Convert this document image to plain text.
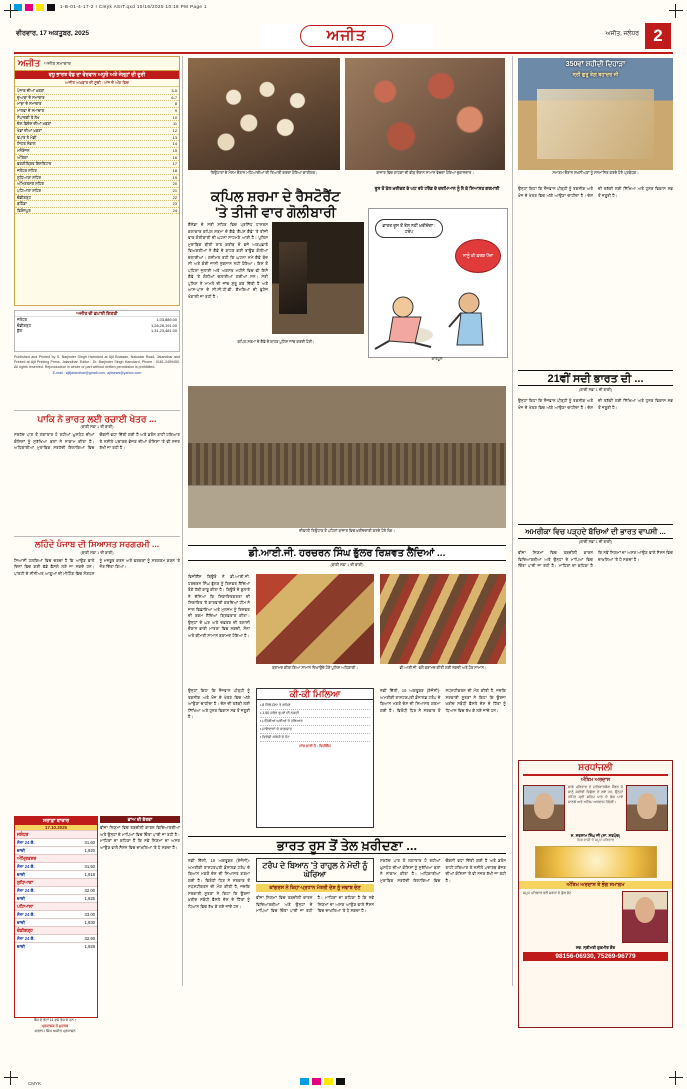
1-B-01-4-17-2 I Cmyk ASIT.qxd 10/16/2025 10:18 PM Page 1
CMYK
ਵੀਰਵਾਰ, 17 ਅਕਤੂਬਰ, 2025	ਅਜੀਤ	ਅਜੀਤ, ਜਲੰਧਰ 2
ਅਜੀਤ ਅਜੀਤ ਸਮਾਚਾਰ
ਵਧੂ ਭਾਰਤ ਵੰਡ ਦਾ ਵੇਰਵਾਨ ਅਧੂਰੇ ਅਤੇ ਜੇਲ੍ਹਾਂ ਦੀ ਦੂਰੀ
ਅਜੀਤ ਅਖ਼ਬਾਰ ਦੀ ਸੂਚੀ : ਅੱਜ ਦੇ ਅੰਕ ਵਿਚ
ਪੰਜਾਬ ਦੀਆਂ ਖ਼ਬਰਾਂ	3-5
ਦੁਆਬਾ ਦੇ ਸਮਾਚਾਰ	6-7
ਮਾਝਾ ਦੇ ਸਮਾਚਾਰ	8
ਮਾਲਵਾ ਦੇ ਸਮਾਚਾਰ	9
ਸੰਪਾਦਕੀ ਤੇ ਲੇਖ	10
ਦੇਸ਼-ਵਿਦੇਸ਼ ਦੀਆਂ ਖ਼ਬਰਾਂ	11
ਖੇਡਾਂ ਦੀਆਂ ਖ਼ਬਰਾਂ	12
ਵਪਾਰ ਤੇ ਮੰਡੀ	13
ਸਿਹਤ ਸੰਭਾਲ	14
ਮਨੋਰੰਜਨ	15
ਅੰਤਿਕਾ	16
ਵਰਗੀਕ੍ਰਿਤ ਇਸ਼ਤਿਹਾਰ	17
ਜਲੰਧਰ ਸ਼ਹਿਰ	18
ਲੁਧਿਆਣਾ ਸ਼ਹਿਰ	19
ਅੰਮ੍ਰਿਤਸਰ ਸ਼ਹਿਰ	20
ਪਟਿਆਲਾ ਸ਼ਹਿਰ	21
ਚੰਡੀਗੜ੍ਹ	22
ਬਠਿੰਡਾ	23
ਫ਼ਿਰੋਜ਼ਪੁਰ	24
ਅਜੀਤ ਦੀ ਛਪਾਈ ਗਿਣਤੀ
ਜਲੰਧਰ	1,03,889.00
ਚੰਡੀਗੜ੍ਹ	1,26,26,191.00
ਕੁੱਲ	1,31,23,481.00
Published and Printed by S. Barjinder Singh Hamdard at Ajit Bhawan, Nakodar Road, Jalandhar and Printed at Ajit Printing Press, Jalandhar. Editor : Dr. Barjinder Singh Hamdard, Phone : 0181-2459450. All rights reserved. Reproduction in whole or part without written permission is prohibited.
E-mail : ajitjalandhar@gmail.com, ajitnews@yahoo.com
ਪਾਕਿ ਨੇ ਭਾਰਤ ਲਈ ਰਚਾਈ ਖੇਤਰ ...
(ਬਾਕੀ ਸਫ਼ਾ 1 ਦੀ ਬਾਕੀ)
ਸਰਹੱਦ ਪਾਰ ਤੋਂ ਲਗਾਤਾਰ ਹੋ ਰਹੀਆਂ ਘੁਸਪੈਠ ਦੀਆਂ ਕੋਸ਼ਿਸ਼ਾਂ ਨੂੰ ਸੁਰੱਖਿਆ ਬਲਾਂ ਨੇ ਨਾਕਾਮ ਕੀਤਾ ਹੈ। ਅਧਿਕਾਰੀਆਂ ਮੁਤਾਬਿਕ ਸਰਹੱਦੀ ਇਲਾਕਿਆਂ ਵਿਚ ਚੌਕਸੀ ਵਧਾ ਦਿੱਤੀ ਗਈ ਹੈ ਅਤੇ ਡਰੋਨ ਰਾਹੀਂ ਹਥਿਆਰ ਤੇ ਨਸ਼ੀਲੇ ਪਦਾਰਥ ਭੇਜਣ ਦੀਆਂ ਕੋਸ਼ਿਸ਼ਾਂ 'ਤੇ ਵੀ ਨਜ਼ਰ ਰੱਖੀ ਜਾ ਰਹੀ ਹੈ।
ਲਹਿੰਦੇ ਪੰਜਾਬ ਦੀ ਸਿਆਸਤ ਸਰਗਰਮੀ ...
(ਬਾਕੀ ਸਫ਼ਾ 1 ਦੀ ਬਾਕੀ)
ਸਿਆਸੀ ਹਲਕਿਆਂ ਵਿਚ ਚਰਚਾ ਹੈ ਕਿ ਆਉਣ ਵਾਲੇ ਦਿਨਾਂ ਵਿਚ ਕਈ ਵੱਡੇ ਫ਼ੈਸਲੇ ਲਏ ਜਾ ਸਕਦੇ ਹਨ। ਪਾਰਟੀ ਦੇ ਸੀਨੀਅਰ ਆਗੂਆਂ ਦੀ ਮੀਟਿੰਗ ਵਿਚ ਸੰਗਠਨ ਨੂੰ ਮਜ਼ਬੂਤ ਕਰਨ ਅਤੇ ਵਰਕਰਾਂ ਨੂੰ ਸਰਗਰਮ ਕਰਨ 'ਤੇ ਜ਼ੋਰ ਦਿੱਤਾ ਗਿਆ।
ਸਰਾਫ਼ਾ ਬਾਜ਼ਾਰ
17.10.2025
ਜਲੰਧਰ
ਸੋਨਾ 24 ਕੈ.	31.60
ਚਾਂਦੀ	1,920
ਅੰਮ੍ਰਿਤਸਰ
ਸੋਨਾ 24 ਕੈ.	31.50
ਚਾਂਦੀ	1,918
ਲੁਧਿਆਣਾ
ਸੋਨਾ 24 ਕੈ.	32.00
ਚਾਂਦੀ	1,925
ਪਟਿਆਲਾ
ਸੋਨਾ 24 ਕੈ.	33.00
ਚਾਂਦੀ	1,930
ਚੰਡੀਗੜ੍ਹ
ਸੋਨਾ 24 ਕੈ.	32.50
ਚਾਂਦੀ	1,928
ਕੈਸ ਦੇ ਰੇਟਾਂ 11 ਵਜੇ ਤੱਕ ਦੇ ਹਨ।
ਪ੍ਰਕਾਸ਼ਕ ਤੇ ਮੁਦਰਕ
ਸਤਨਾਮ ਸਿੰਘ ਅਜੀਤ ਪ੍ਰਕਾਸ਼ਨ
ਭਾਅ ਦੀ ਵੇਰਵਾ
ਵੀਜ਼ਾ ਨਿਯਮਾਂ ਵਿਚ ਤਬਦੀਲੀ ਕਾਰਨ ਵਿਦਿਆਰਥੀਆਂ ਅਤੇ ਉਨ੍ਹਾਂ ਦੇ ਮਾਪਿਆਂ ਵਿਚ ਚਿੰਤਾ ਪਾਈ ਜਾ ਰਹੀ ਹੈ। ਮਾਹਿਰਾਂ ਦਾ ਕਹਿਣਾ ਹੈ ਕਿ ਨਵੇਂ ਨਿਯਮਾਂ ਦਾ ਅਸਰ ਆਉਣ ਵਾਲੇ ਸੈਸ਼ਨ ਵਿਚ ਦਾਖ਼ਲਿਆਂ 'ਤੇ ਪੈ ਸਕਦਾ ਹੈ।
ਤਿਉਹਾਰਾਂ ਦੇ ਮੌਸਮ ਦੌਰਾਨ ਮਠਿਆਈਆਂ ਦੀ ਤਿਆਰੀ ਕਰਦਾ ਹੋਇਆ ਕਾਰੀਗਰ।	ਬਾਜ਼ਾਰ ਵਿਚ ਗਾਹਕਾਂ ਦੀ ਭੀੜ ਦੌਰਾਨ ਸਾਮਾਨ ਵੇਚਦਾ ਹੋਇਆ ਦੁਕਾਨਦਾਰ।
ਕਪਿਲ ਸ਼ਰਮਾ ਦੇ ਰੈਸਟੋਰੈਂਟ
'ਤੇ ਤੀਜੀ ਵਾਰ ਗੋਲੀਬਾਰੀ
ਕੈਨੇਡਾ ਦੇ ਸਰੀ ਸ਼ਹਿਰ ਵਿਚ ਪ੍ਰਸਿੱਧ ਹਾਸਰਸ ਕਲਾਕਾਰ ਕਪਿਲ ਸ਼ਰਮਾ ਦੇ ਕੈਫ਼ੇ 'ਕੈਪਸ ਕੈਫ਼ੇ' 'ਤੇ ਤੀਜੀ ਵਾਰ ਗੋਲੀਬਾਰੀ ਦੀ ਘਟਨਾ ਸਾਹਮਣੇ ਆਈ ਹੈ। ਪੁਲਿਸ ਮੁਤਾਬਿਕ ਬੀਤੀ ਰਾਤ ਕਰੀਬ ਦੋ ਵਜੇ ਅਣਪਛਾਤੇ ਵਿਅਕਤੀਆਂ ਨੇ ਕੈਫ਼ੇ ਦੇ ਬਾਹਰ ਕਈ ਰਾਊਂਡ ਗੋਲੀਆਂ ਚਲਾਈਆਂ। ਗਨੀਮਤ ਰਹੀ ਕਿ ਘਟਨਾ ਸਮੇਂ ਕੈਫ਼ੇ ਬੰਦ ਸੀ ਅਤੇ ਕੋਈ ਜਾਨੀ ਨੁਕਸਾਨ ਨਹੀਂ ਹੋਇਆ। ਇਸ ਤੋਂ ਪਹਿਲਾਂ ਜੁਲਾਈ ਅਤੇ ਅਗਸਤ ਮਹੀਨੇ ਵਿਚ ਵੀ ਇਸੇ ਕੈਫ਼ੇ 'ਤੇ ਗੋਲੀਆਂ ਚਲਾਈਆਂ ਗਈਆਂ ਸਨ। ਸਰੀ ਪੁਲਿਸ ਨੇ ਮਾਮਲੇ ਦੀ ਜਾਂਚ ਸ਼ੁਰੂ ਕਰ ਦਿੱਤੀ ਹੈ ਅਤੇ ਆਸ-ਪਾਸ ਦੇ ਸੀ.ਸੀ.ਟੀ.ਵੀ. ਕੈਮਰਿਆਂ ਦੀ ਫ਼ੁਟੇਜ ਖੰਗਾਲੀ ਜਾ ਰਹੀ ਹੈ।
ਕਪਿਲ ਸ਼ਰਮਾ ਦੇ ਕੈਫ਼ੇ ਦੇ ਬਾਹਰ ਪੁਲਿਸ ਜਾਂਚ ਕਰਦੀ ਹੋਈ।
ਰੂਸ ਤੋਂ ਤੇਲ ਖ਼ਰੀਦਣ ਦੇ ਘਟ ਰਹੇ ਟਰੈਂਡ ਦੇ ਦਰਮਿਆਨ ਨੂੰ ਲੈ ਕੇ ਸਿਆਸਤ ਗਰਮਾਈ
ਭਾਰਤ ਰੂਸ ਤੋਂ ਤੇਲ ਨਹੀਂ ਖ਼ਰੀਦੇਗਾ : ਟਰੰਪ
ਸਾਨੂੰ ਕੀ ਫ਼ਰਕ ਪੈਂਦਾ
ਕਾਰਟੂਨ
ਦੀਵਾਲੀ ਤਿਉਹਾਰ ਤੋਂ ਪਹਿਲਾਂ ਬਾਜ਼ਾਰ ਵਿਚ ਖ਼ਰੀਦਦਾਰੀ ਕਰਦੇ ਹੋਏ ਲੋਕ।
ਡੀ.ਆਈ.ਜੀ. ਹਰਚਰਨ ਸਿੰਘ ਭੁੱਲਰ ਰਿਸ਼ਵਤ ਲੈਂਦਿਆਂ ...
(ਬਾਕੀ ਸਫ਼ਾ 1 ਦੀ ਬਾਕੀ)
ਵਿਜੀਲੈਂਸ ਬਿਊਰੋ ਨੇ ਡੀ.ਆਈ.ਜੀ. ਹਰਚਰਨ ਸਿੰਘ ਭੁੱਲਰ ਨੂੰ ਰਿਸ਼ਵਤ ਲੈਂਦਿਆਂ ਰੰਗੇ ਹੱਥੀਂ ਕਾਬੂ ਕੀਤਾ ਹੈ। ਬਿਊਰੋ ਦੇ ਬੁਲਾਰੇ ਨੇ ਦੱਸਿਆ ਕਿ ਸ਼ਿਕਾਇਤਕਰਤਾ ਦੀ ਸ਼ਿਕਾਇਤ 'ਤੇ ਕਾਰਵਾਈ ਕਰਦਿਆਂ ਟੀਮ ਨੇ ਜਾਲ ਵਿਛਾਇਆ ਅਤੇ ਮੁਲਜ਼ਮ ਨੂੰ ਰਿਸ਼ਵਤ ਦੀ ਰਕਮ ਲੈਂਦਿਆਂ ਗ੍ਰਿਫ਼ਤਾਰ ਕੀਤਾ। ਉਨ੍ਹਾਂ ਦੇ ਘਰ ਅਤੇ ਦਫ਼ਤਰ ਦੀ ਤਲਾਸ਼ੀ ਦੌਰਾਨ ਭਾਰੀ ਮਾਤਰਾ ਵਿਚ ਨਕਦੀ, ਸੋਨਾ ਅਤੇ ਕੀਮਤੀ ਸਾਮਾਨ ਬਰਾਮਦ ਹੋਇਆ ਹੈ।
ਬਰਾਮਦ ਕੀਤਾ ਗਿਆ ਸਾਮਾਨ ਦਿਖਾਉਂਦੇ ਹੋਏ ਪੁਲਿਸ ਅਧਿਕਾਰੀ।	ਡੀ.ਆਈ.ਜੀ. ਵਲੋਂ ਬਰਾਮਦ ਕੀਤੀ ਗਈ ਨਕਦੀ ਅਤੇ ਹੋਰ ਸਾਮਾਨ।
ਕੀ-ਕੀ ਮਿਲਿਆ
• 8 ਕਿੱਲੋ ਸੋਨਾ ਤੇ ਗਹਿਣੇ
• 1.50 ਕਰੋੜ ਰੁਪਏ ਦੀ ਨਕਦੀ
• ਮਹਿੰਗੀਆਂ ਘੜੀਆਂ ਤੇ ਹਥਿਆਰ
• ਜਾਇਦਾਦਾਂ ਦੇ ਕਾਗ਼ਜ਼ਾਤ
• ਵਿਦੇਸ਼ੀ ਕਰੰਸੀ ਦੇ ਨੋਟ
ਜਾਂਚ ਜਾਰੀ ਹੈ : ਵਿਜੀਲੈਂਸ
ਉਨ੍ਹਾਂ ਕਿਹਾ ਕਿ ਨੌਜਵਾਨ ਪੀੜ੍ਹੀ ਨੂੰ ਤਕਨੀਕ ਅਤੇ ਖੋਜ ਦੇ ਖੇਤਰ ਵਿਚ ਅੱਗੇ ਆਉਣਾ ਚਾਹੀਦਾ ਹੈ। ਦੇਸ਼ ਦੀ ਤਰੱਕੀ ਲਈ ਸਿੱਖਿਆ ਅਤੇ ਹੁਨਰ ਵਿਕਾਸ ਸਭ ਤੋਂ ਜ਼ਰੂਰੀ ਹੈ।
ਨਵੀਂ ਦਿੱਲੀ, 16 ਅਕਤੂਬਰ (ਏਜੰਸੀ)- ਅਮਰੀਕੀ ਰਾਸ਼ਟਰਪਤੀ ਡੋਨਾਲਡ ਟਰੰਪ ਦੇ ਬਿਆਨ ਮਗਰੋਂ ਦੇਸ਼ ਦੀ ਸਿਆਸਤ ਗਰਮਾ ਗਈ ਹੈ। ਵਿਰੋਧੀ ਧਿਰ ਨੇ ਸਰਕਾਰ ਤੋਂ ਸਪੱਸ਼ਟੀਕਰਨ ਦੀ ਮੰਗ ਕੀਤੀ ਹੈ, ਜਦਕਿ ਸਰਕਾਰੀ ਸੂਤਰਾਂ ਨੇ ਕਿਹਾ ਕਿ ਊਰਜਾ ਖ਼ਰੀਦ ਸਬੰਧੀ ਫ਼ੈਸਲੇ ਦੇਸ਼ ਦੇ ਹਿੱਤਾਂ ਨੂੰ ਧਿਆਨ ਵਿਚ ਰੱਖ ਕੇ ਲਏ ਜਾਂਦੇ ਹਨ।
ਭਾਰਤ ਰੂਸ ਤੋਂ ਤੇਲ ਖ਼ਰੀਦਣਾ ...
ਨਵੀਂ ਦਿੱਲੀ, 16 ਅਕਤੂਬਰ (ਏਜੰਸੀ)- ਅਮਰੀਕੀ ਰਾਸ਼ਟਰਪਤੀ ਡੋਨਾਲਡ ਟਰੰਪ ਦੇ ਬਿਆਨ ਮਗਰੋਂ ਦੇਸ਼ ਦੀ ਸਿਆਸਤ ਗਰਮਾ ਗਈ ਹੈ। ਵਿਰੋਧੀ ਧਿਰ ਨੇ ਸਰਕਾਰ ਤੋਂ ਸਪੱਸ਼ਟੀਕਰਨ ਦੀ ਮੰਗ ਕੀਤੀ ਹੈ, ਜਦਕਿ ਸਰਕਾਰੀ ਸੂਤਰਾਂ ਨੇ ਕਿਹਾ ਕਿ ਊਰਜਾ ਖ਼ਰੀਦ ਸਬੰਧੀ ਫ਼ੈਸਲੇ ਦੇਸ਼ ਦੇ ਹਿੱਤਾਂ ਨੂੰ ਧਿਆਨ ਵਿਚ ਰੱਖ ਕੇ ਲਏ ਜਾਂਦੇ ਹਨ।
ਟਰੰਪ ਦੇ ਬਿਆਨ 'ਤੇ ਰਾਹੁਲ ਨੇ ਮੋਦੀ ਨੂੰ ਘੇਰਿਆ
ਕਾਂਗਰਸ ਨੇ ਕਿਹਾ-ਪ੍ਰਧਾਨ ਮੰਤਰੀ ਦੇਸ਼ ਨੂੰ ਜਵਾਬ ਦੇਣ
ਵੀਜ਼ਾ ਨਿਯਮਾਂ ਵਿਚ ਤਬਦੀਲੀ ਕਾਰਨ ਵਿਦਿਆਰਥੀਆਂ ਅਤੇ ਉਨ੍ਹਾਂ ਦੇ ਮਾਪਿਆਂ ਵਿਚ ਚਿੰਤਾ ਪਾਈ ਜਾ ਰਹੀ ਹੈ। ਮਾਹਿਰਾਂ ਦਾ ਕਹਿਣਾ ਹੈ ਕਿ ਨਵੇਂ ਨਿਯਮਾਂ ਦਾ ਅਸਰ ਆਉਣ ਵਾਲੇ ਸੈਸ਼ਨ ਵਿਚ ਦਾਖ਼ਲਿਆਂ 'ਤੇ ਪੈ ਸਕਦਾ ਹੈ।
ਸਰਹੱਦ ਪਾਰ ਤੋਂ ਲਗਾਤਾਰ ਹੋ ਰਹੀਆਂ ਘੁਸਪੈਠ ਦੀਆਂ ਕੋਸ਼ਿਸ਼ਾਂ ਨੂੰ ਸੁਰੱਖਿਆ ਬਲਾਂ ਨੇ ਨਾਕਾਮ ਕੀਤਾ ਹੈ। ਅਧਿਕਾਰੀਆਂ ਮੁਤਾਬਿਕ ਸਰਹੱਦੀ ਇਲਾਕਿਆਂ ਵਿਚ ਚੌਕਸੀ ਵਧਾ ਦਿੱਤੀ ਗਈ ਹੈ ਅਤੇ ਡਰੋਨ ਰਾਹੀਂ ਹਥਿਆਰ ਤੇ ਨਸ਼ੀਲੇ ਪਦਾਰਥ ਭੇਜਣ ਦੀਆਂ ਕੋਸ਼ਿਸ਼ਾਂ 'ਤੇ ਵੀ ਨਜ਼ਰ ਰੱਖੀ ਜਾ ਰਹੀ ਹੈ।
350ਵਾਂ ਸ਼ਹੀਦੀ ਦਿਹਾੜਾ
ਸ੍ਰੀ ਗੁਰੂ ਤੇਗ਼ ਬਹਾਦਰ ਜੀ
ਸਮਾਗਮ ਦੌਰਾਨ ਸ਼ਖ਼ਸੀਅਤਾਂ ਨੂੰ ਸਨਮਾਨਿਤ ਕਰਦੇ ਹੋਏ ਪ੍ਰਬੰਧਕ।
ਉਨ੍ਹਾਂ ਕਿਹਾ ਕਿ ਨੌਜਵਾਨ ਪੀੜ੍ਹੀ ਨੂੰ ਤਕਨੀਕ ਅਤੇ ਖੋਜ ਦੇ ਖੇਤਰ ਵਿਚ ਅੱਗੇ ਆਉਣਾ ਚਾਹੀਦਾ ਹੈ। ਦੇਸ਼ ਦੀ ਤਰੱਕੀ ਲਈ ਸਿੱਖਿਆ ਅਤੇ ਹੁਨਰ ਵਿਕਾਸ ਸਭ ਤੋਂ ਜ਼ਰੂਰੀ ਹੈ।
21ਵੀਂ ਸਦੀ ਭਾਰਤ ਦੀ ...
(ਬਾਕੀ ਸਫ਼ਾ 1 ਦੀ ਬਾਕੀ)
ਉਨ੍ਹਾਂ ਕਿਹਾ ਕਿ ਨੌਜਵਾਨ ਪੀੜ੍ਹੀ ਨੂੰ ਤਕਨੀਕ ਅਤੇ ਖੋਜ ਦੇ ਖੇਤਰ ਵਿਚ ਅੱਗੇ ਆਉਣਾ ਚਾਹੀਦਾ ਹੈ। ਦੇਸ਼ ਦੀ ਤਰੱਕੀ ਲਈ ਸਿੱਖਿਆ ਅਤੇ ਹੁਨਰ ਵਿਕਾਸ ਸਭ ਤੋਂ ਜ਼ਰੂਰੀ ਹੈ।
ਅਮਰੀਕਾ ਵਿਚ ਪੜ੍ਹਦੇ ਬੱਚਿਆਂ ਦੀ ਭਾਰਤ ਵਾਪਸੀ ...
(ਬਾਕੀ ਸਫ਼ਾ 1 ਦੀ ਬਾਕੀ)
ਵੀਜ਼ਾ ਨਿਯਮਾਂ ਵਿਚ ਤਬਦੀਲੀ ਕਾਰਨ ਵਿਦਿਆਰਥੀਆਂ ਅਤੇ ਉਨ੍ਹਾਂ ਦੇ ਮਾਪਿਆਂ ਵਿਚ ਚਿੰਤਾ ਪਾਈ ਜਾ ਰਹੀ ਹੈ। ਮਾਹਿਰਾਂ ਦਾ ਕਹਿਣਾ ਹੈ ਕਿ ਨਵੇਂ ਨਿਯਮਾਂ ਦਾ ਅਸਰ ਆਉਣ ਵਾਲੇ ਸੈਸ਼ਨ ਵਿਚ ਦਾਖ਼ਲਿਆਂ 'ਤੇ ਪੈ ਸਕਦਾ ਹੈ।
ਸ਼ਰਧਾਂਜਲੀ
ਅੰਤਿਮ ਅਰਦਾਸ
ਸਾਡੇ ਪਰਿਵਾਰ ਦੇ ਸਤਿਕਾਰਯੋਗ ਮੈਂਬਰ ਜੋ ਸਾਨੂੰ ਸਦੀਵੀ ਵਿਛੋੜਾ ਦੇ ਗਏ ਹਨ, ਉਨ੍ਹਾਂ ਨਮਿੱਤ ਸ੍ਰੀ ਸਹਿਜ ਪਾਠ ਦੇ ਭੋਗ ਪਾਏ ਜਾਣਗੇ ਅਤੇ ਅੰਤਿਮ ਅਰਦਾਸ ਹੋਵੇਗੀ।
ਸ. ਸਤਨਾਮ ਸਿੰਘ ਜੀ (ਸਾ. ਸਰਪੰਚ)
ਪਿੰਡ ਵਾਸੀ ਤੇ ਸਮੂਹ ਪਰਿਵਾਰ
ਅੰਤਿਮ ਅਰਦਾਸ ਤੇ ਭੋਗ ਸਮਾਗਮ
ਸਮੂਹ ਪਰਿਵਾਰ ਵਲੋਂ ਸ਼ਰਧਾ ਦੇ ਫੁੱਲ ਭੇਟ
ਸਵ. ਸ੍ਰੀਮਤੀ ਗੁਰਮੀਤ ਕੌਰ
98156-06930, 75269-96779
